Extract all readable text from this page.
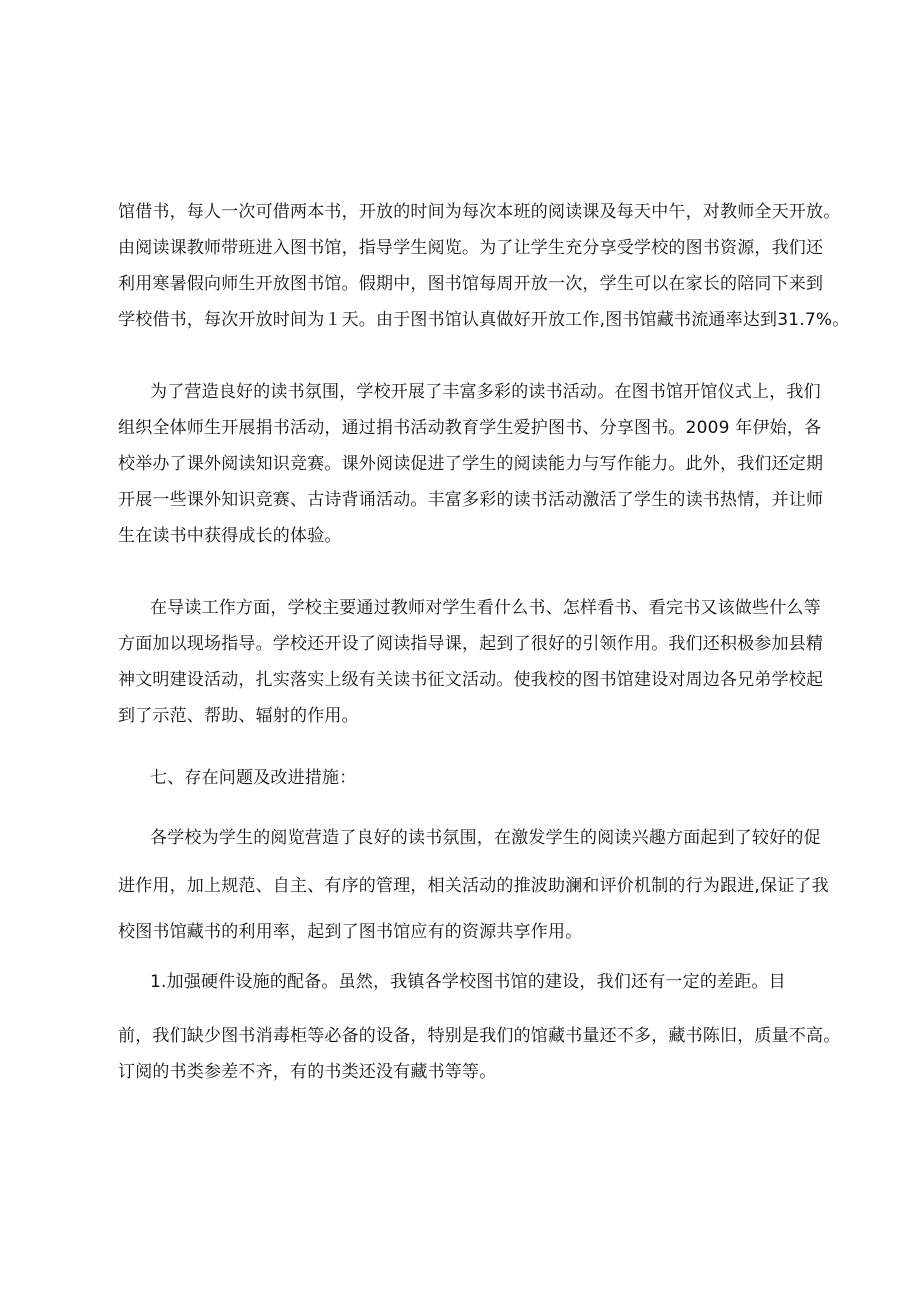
馆借书，每人一次可借两本书，开放的时间为每次本班的阅读课及每天中午，对教师全天开放。
由阅读课教师带班进入图书馆，指导学生阅览。为了让学生充分享受学校的图书资源，我们还
利用寒暑假向师生开放图书馆。假期中，图书馆每周开放一次，学生可以在家长的陪同下来到
学校借书，每次开放时间为１天。由于图书馆认真做好开放工作,图书馆藏书流通率达到31.7%。
为了营造良好的读书氛围，学校开展了丰富多彩的读书活动。在图书馆开馆仪式上，我们
组织全体师生开展捐书活动，通过捐书活动教育学生爱护图书、分享图书。2009 年伊始，各
校举办了课外阅读知识竞赛。课外阅读促进了学生的阅读能力与写作能力。此外，我们还定期
开展一些课外知识竞赛、古诗背诵活动。丰富多彩的读书活动激活了学生的读书热情，并让师
生在读书中获得成长的体验。
在导读工作方面，学校主要通过教师对学生看什么书、怎样看书、看完书又该做些什么等
方面加以现场指导。学校还开设了阅读指导课，起到了很好的引领作用。我们还积极参加县精
神文明建设活动，扎实落实上级有关读书征文活动。使我校的图书馆建设对周边各兄弟学校起
到了示范、帮助、辐射的作用。
七、存在问题及改进措施：
各学校为学生的阅览营造了良好的读书氛围，在激发学生的阅读兴趣方面起到了较好的促
进作用，加上规范、自主、有序的管理，相关活动的推波助澜和评价机制的行为跟进,保证了我
校图书馆藏书的利用率，起到了图书馆应有的资源共享作用。
1.加强硬件设施的配备。虽然，我镇各学校图书馆的建设，我们还有一定的差距。目
前，我们缺少图书消毒柜等必备的设备，特别是我们的馆藏书量还不多，藏书陈旧，质量不高。
订阅的书类参差不齐，有的书类还没有藏书等等。
